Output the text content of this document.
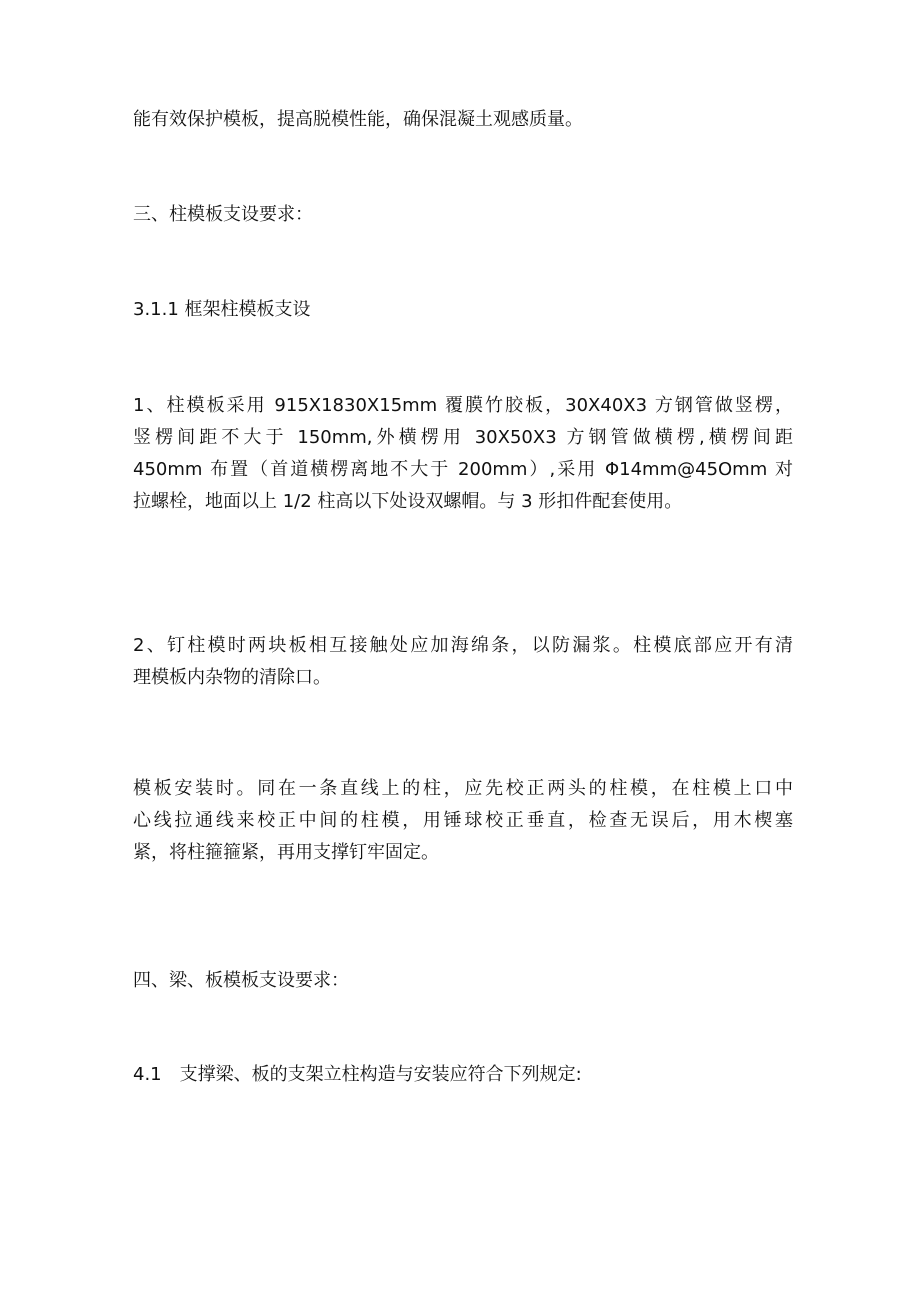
能有效保护模板，提高脱模性能，确保混凝土观感质量。

三、柱模板支设要求：

3.1.1 框架柱模板支设

1、柱模板采用 915X1830X15mm 覆膜竹胶板，30X40X3 方钢管做竖楞，
竖楞间距不大于 150mm,外横楞用 30X50X3 方钢管做横楞,横楞间距
450mm 布置（首道横楞离地不大于 200mm）,采用 Φ14mm@45Omm 对
拉螺栓，地面以上 1/2 柱高以下处设双螺帽。与 3 形扣件配套使用。

2、钉柱模时两块板相互接触处应加海绵条，以防漏浆。柱模底部应开有清
理模板内杂物的清除口。

模板安装时。同在一条直线上的柱，应先校正两头的柱模，在柱模上口中
心线拉通线来校正中间的柱模，用锤球校正垂直，检查无误后，用木楔塞
紧，将柱箍箍紧，再用支撑钉牢固定。

四、梁、板模板支设要求：

4.1　支撑梁、板的支架立柱构造与安装应符合下列规定:
